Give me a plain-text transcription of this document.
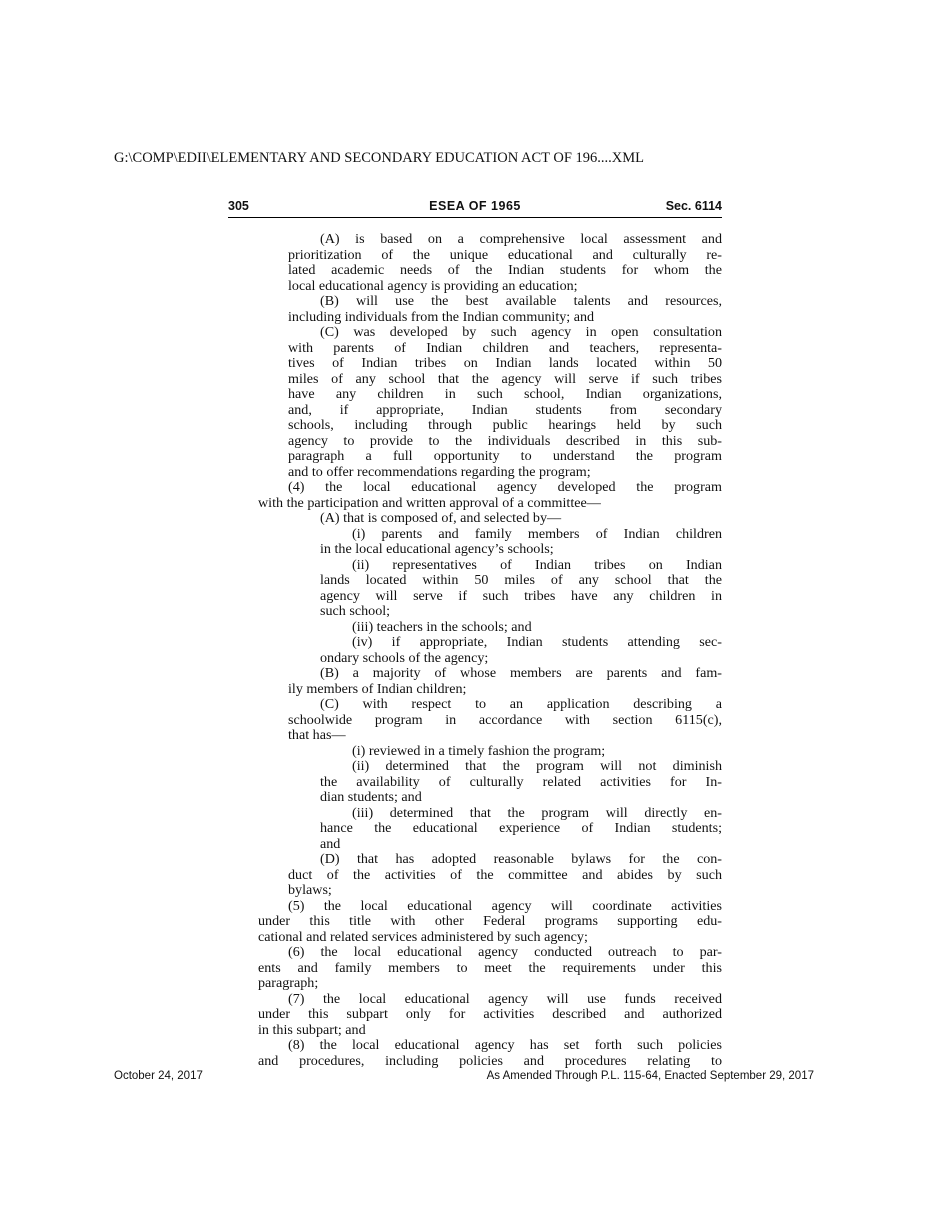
G:\COMP\EDII\ELEMENTARY AND SECONDARY EDUCATION ACT OF 196....XML
ESEA OF 1965
305	Sec. 6114
(A) is based on a comprehensive local assessment and
prioritization of the unique educational and culturally re-
lated academic needs of the Indian students for whom the
local educational agency is providing an education;
(B) will use the best available talents and resources,
including individuals from the Indian community; and
(C) was developed by such agency in open consultation
with parents of Indian children and teachers, representa-
tives of Indian tribes on Indian lands located within 50
miles of any school that the agency will serve if such tribes
have any children in such school, Indian organizations,
and, if appropriate, Indian students from secondary
schools, including through public hearings held by such
agency to provide to the individuals described in this sub-
paragraph a full opportunity to understand the program
and to offer recommendations regarding the program;
(4) the local educational agency developed the program
with the participation and written approval of a committee—
(A) that is composed of, and selected by—
(i) parents and family members of Indian children
in the local educational agency’s schools;
(ii) representatives of Indian tribes on Indian
lands located within 50 miles of any school that the
agency will serve if such tribes have any children in
such school;
(iii) teachers in the schools; and
(iv) if appropriate, Indian students attending sec-
ondary schools of the agency;
(B) a majority of whose members are parents and fam-
ily members of Indian children;
(C) with respect to an application describing a
schoolwide program in accordance with section 6115(c),
that has—
(i) reviewed in a timely fashion the program;
(ii) determined that the program will not diminish
the availability of culturally related activities for In-
dian students; and
(iii) determined that the program will directly en-
hance the educational experience of Indian students;
and
(D) that has adopted reasonable bylaws for the con-
duct of the activities of the committee and abides by such
bylaws;
(5) the local educational agency will coordinate activities
under this title with other Federal programs supporting edu-
cational and related services administered by such agency;
(6) the local educational agency conducted outreach to par-
ents and family members to meet the requirements under this
paragraph;
(7) the local educational agency will use funds received
under this subpart only for activities described and authorized
in this subpart; and
(8) the local educational agency has set forth such policies
and procedures, including policies and procedures relating to
October 24, 2017	As Amended Through P.L. 115-64, Enacted September 29, 2017
